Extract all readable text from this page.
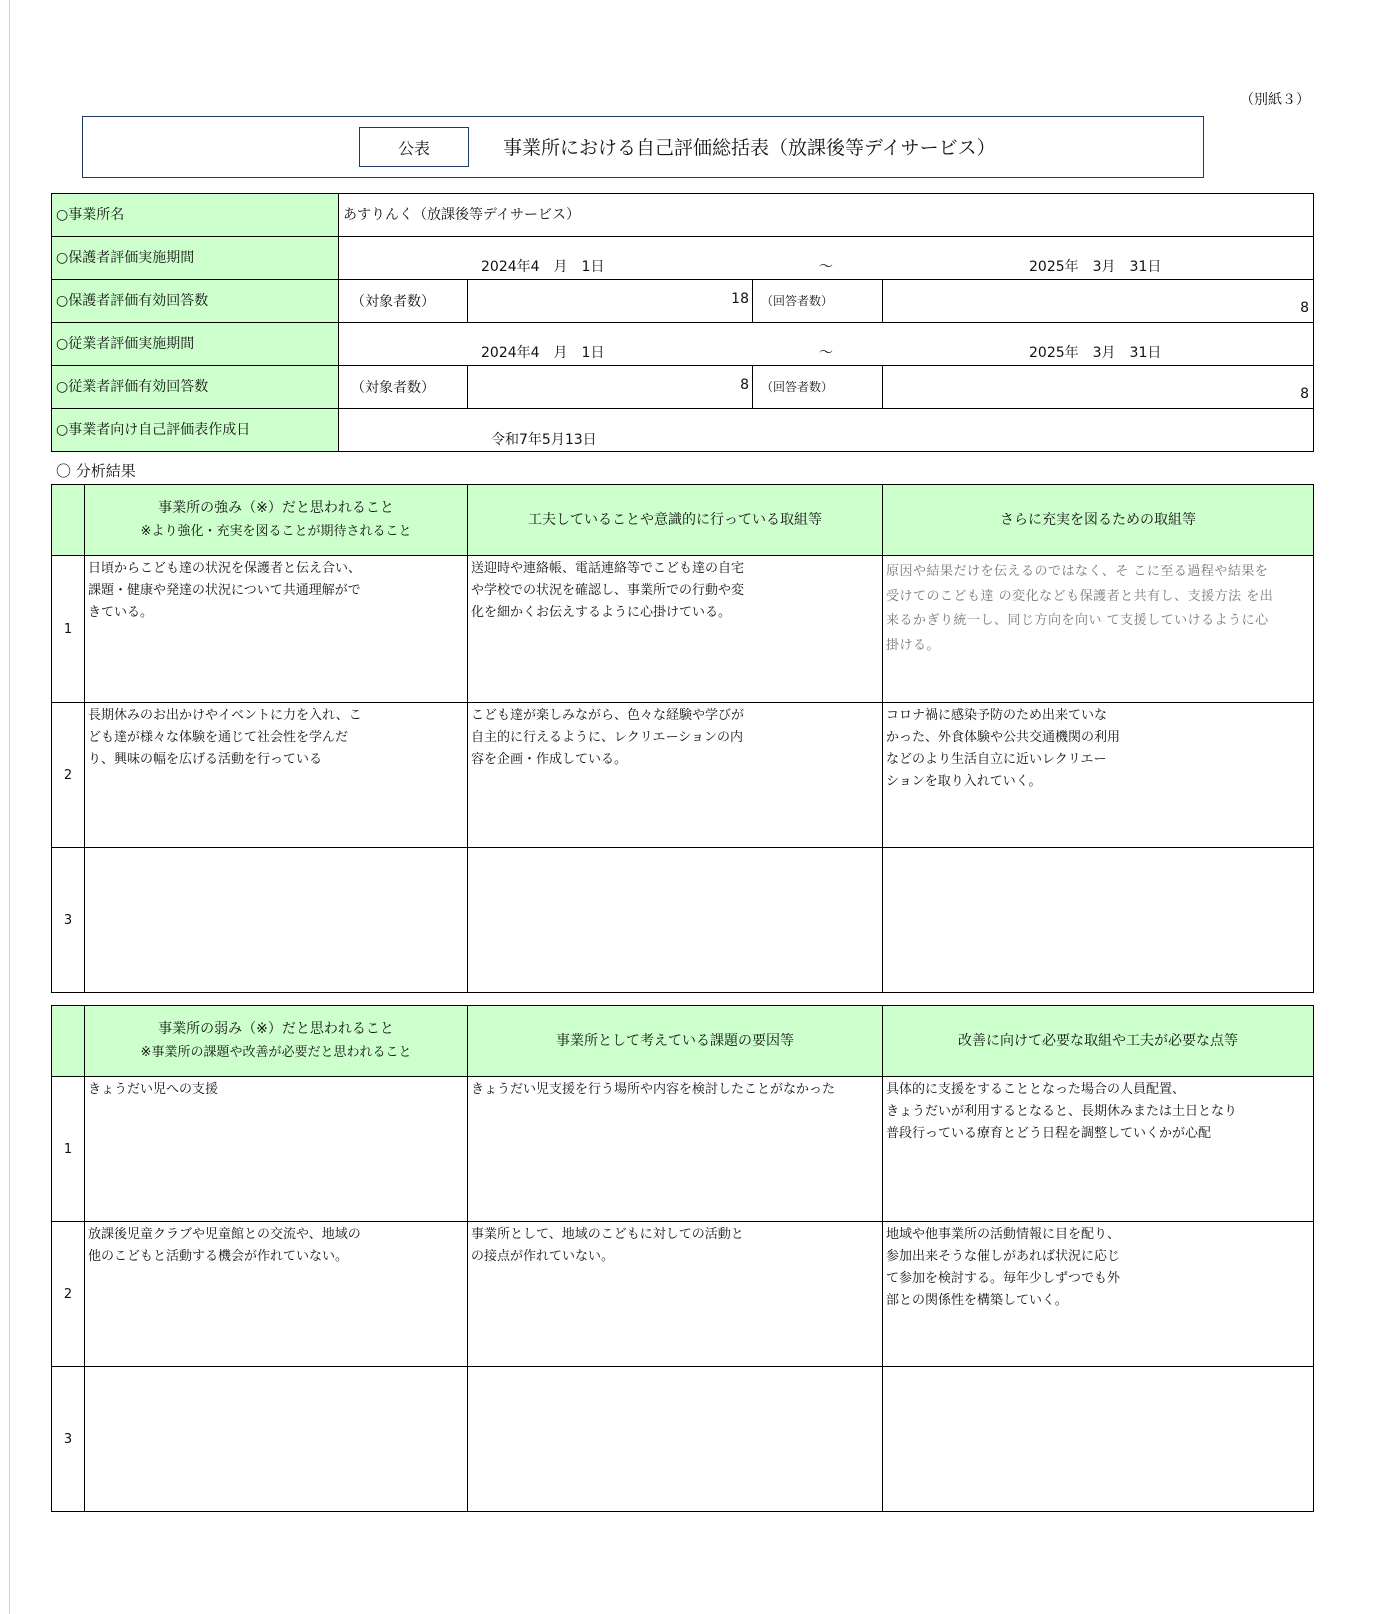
（別紙３）
公表	事業所における自己評価総括表（放課後等デイサービス）
○事業所名	あすりんく（放課後等デイサービス）			

○保護者評価実施期間	2024年4　月　1日 ～ 2025年　3月　31日			

○保護者評価有効回答数	（対象者数）	18	（回答者数）	8

○従業者評価実施期間	2024年4　月　1日 ～ 2025年　3月　31日			

○従業者評価有効回答数	（対象者数）	8	（回答者数）	8

○事業者向け自己評価表作成日	令和7年5月13日			
〇 分析結果

	事業所の強み（※）だと思われること
※より強化・充実を図ることが期待されること	工夫していることや意識的に行っている取組等	さらに充実を図るための取組等
1	日頃からこども達の状況を保護者と伝え合い、
課題・健康や発達の状況について共通理解がで
きている。	送迎時や連絡帳、電話連絡等でこども達の自宅
や学校での状況を確認し、事業所での行動や変
化を細かくお伝えするように心掛けている。	原因や結果だけを伝えるのではなく、そ こに至る過程や結果を
受けてのこども達 の変化なども保護者と共有し、支援方法 を出
来るかぎり統一し、同じ方向を向い て支援していけるように心
掛ける。
2	長期休みのお出かけやイベントに力を入れ、こ
ども達が様々な体験を通じて社会性を学んだ
り、興味の幅を広げる活動を行っている	こども達が楽しみながら、色々な経験や学びが
自主的に行えるように、レクリエーションの内
容を企画・作成している。	コロナ禍に感染予防のため出来ていな
かった、外食体験や公共交通機関の利用
などのより生活自立に近いレクリエー
ションを取り入れていく。
3			

	事業所の弱み（※）だと思われること
※事業所の課題や改善が必要だと思われること	事業所として考えている課題の要因等	改善に向けて必要な取組や工夫が必要な点等
1	きょうだい児への支援	きょうだい児支援を行う場所や内容を検討したことがなかった	具体的に支援をすることとなった場合の人員配置、
きょうだいが利用するとなると、長期休みまたは土日となり
普段行っている療育とどう日程を調整していくかが心配
2	放課後児童クラブや児童館との交流や、地域の
他のこどもと活動する機会が作れていない。	事業所として、地域のこどもに対しての活動と
の接点が作れていない。	地域や他事業所の活動情報に目を配り、
参加出来そうな催しがあれば状況に応じ
て参加を検討する。毎年少しずつでも外
部との関係性を構築していく。
3			
